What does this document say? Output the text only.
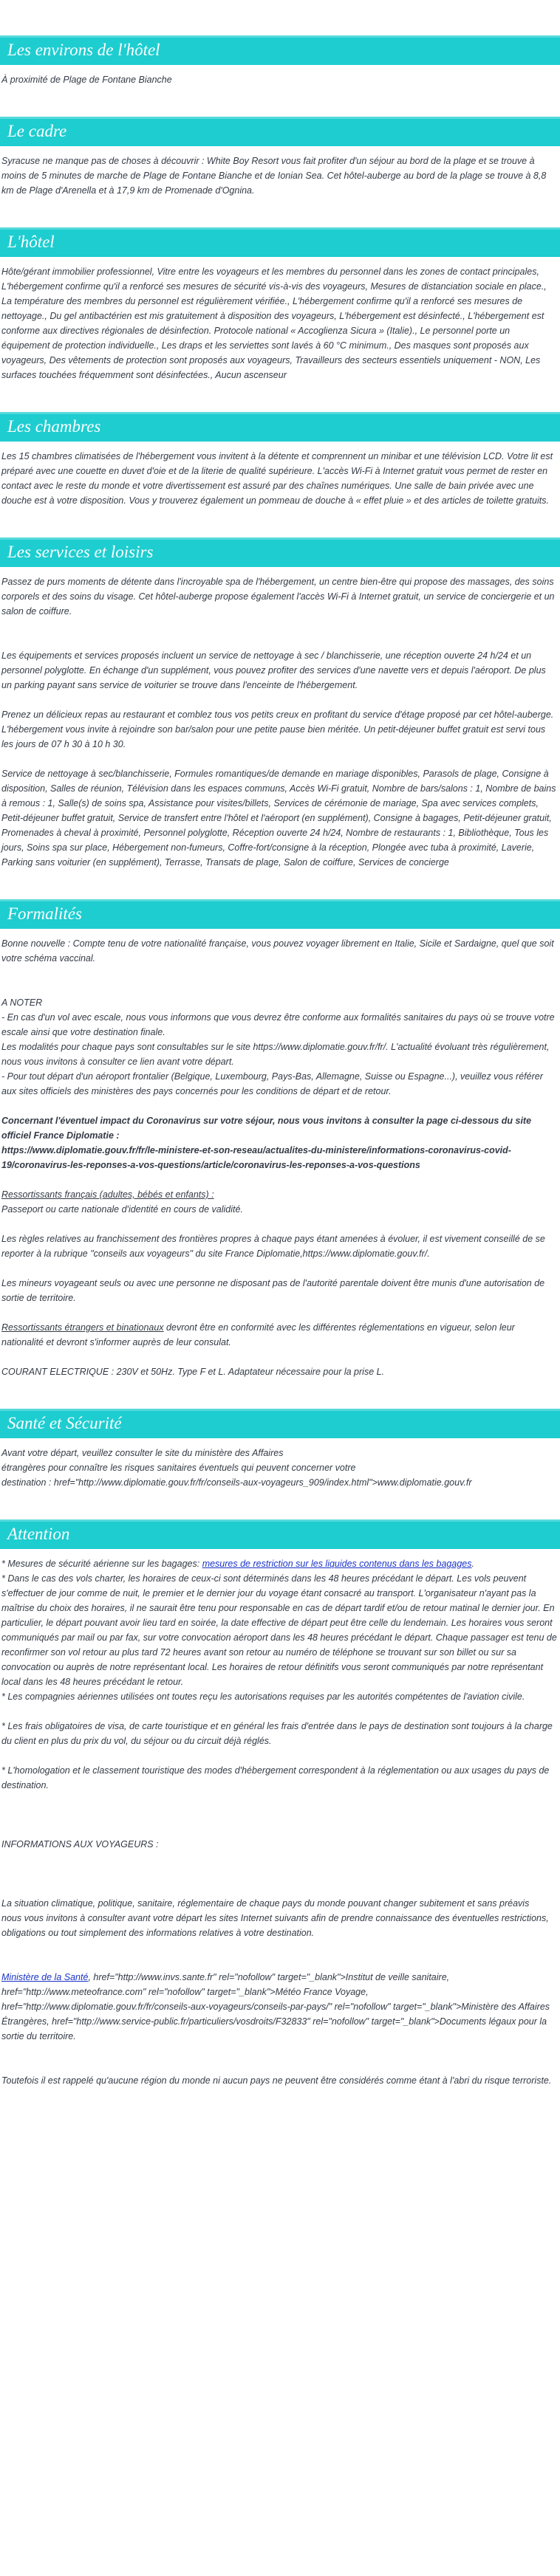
Les environs de l'hôtel

À proximité de Plage de Fontane Bianche

Le cadre

Syracuse ne manque pas de choses à découvrir : White Boy Resort vous fait profiter d'un séjour au bord de la plage et se trouve à moins de 5 minutes de marche de Plage de Fontane Bianche et de Ionian Sea. Cet hôtel-auberge au bord de la plage se trouve à 8,8 km de Plage d'Arenella et à 17,9 km de Promenade d'Ognina.

L'hôtel

Hôte/gérant immobilier professionnel, Vitre entre les voyageurs et les membres du personnel dans les zones de contact principales, L'hébergement confirme qu'il a renforcé ses mesures de sécurité vis-à-vis des voyageurs, Mesures de distanciation sociale en place., La température des membres du personnel est régulièrement vérifiée., L'hébergement confirme qu'il a renforcé ses mesures de nettoyage., Du gel antibactérien est mis gratuitement à disposition des voyageurs, L'hébergement est désinfecté., L'hébergement est conforme aux directives régionales de désinfection. Protocole national « Accoglienza Sicura » (Italie)., Le personnel porte un équipement de protection individuelle., Les draps et les serviettes sont lavés à 60 °C minimum., Des masques sont proposés aux voyageurs, Des vêtements de protection sont proposés aux voyageurs, Travailleurs des secteurs essentiels uniquement - NON, Les surfaces touchées fréquemment sont désinfectées., Aucun ascenseur

Les chambres

Les 15 chambres climatisées de l'hébergement vous invitent à la détente et comprennent un minibar et une télévision LCD. Votre lit est préparé avec une couette en duvet d'oie et de la literie de qualité supérieure. L'accès Wi-Fi à Internet gratuit vous permet de rester en contact avec le reste du monde et votre divertissement est assuré par des chaînes numériques. Une salle de bain privée avec une douche est à votre disposition. Vous y trouverez également un pommeau de douche à « effet pluie » et des articles de toilette gratuits.

Les services et loisirs

Passez de purs moments de détente dans l'incroyable spa de l'hébergement, un centre bien-être qui propose des massages, des soins corporels et des soins du visage. Cet hôtel-auberge propose également l'accès Wi-Fi à Internet gratuit, un service de conciergerie et un salon de coiffure.

Les équipements et services proposés incluent un service de nettoyage à sec / blanchisserie, une réception ouverte 24 h/24 et un personnel polyglotte. En échange d'un supplément, vous pouvez profiter des services d'une navette vers et depuis l'aéroport. De plus un parking payant sans service de voiturier se trouve dans l'enceinte de l'hébergement.

Prenez un délicieux repas au restaurant et comblez tous vos petits creux en profitant du service d'étage proposé par cet hôtel-auberge. L'hébergement vous invite à rejoindre son bar/salon pour une petite pause bien méritée. Un petit-déjeuner buffet gratuit est servi tous les jours de 07 h 30 à 10 h 30.

Service de nettoyage à sec/blanchisserie, Formules romantiques/de demande en mariage disponibles, Parasols de plage, Consigne à disposition, Salles de réunion, Télévision dans les espaces communs, Accès Wi-Fi gratuit, Nombre de bars/salons : 1, Nombre de bains à remous : 1, Salle(s) de soins spa, Assistance pour visites/billets, Services de cérémonie de mariage, Spa avec services complets, Petit-déjeuner buffet gratuit, Service de transfert entre l'hôtel et l'aéroport (en supplément), Consigne à bagages, Petit-déjeuner gratuit, Promenades à cheval à proximité, Personnel polyglotte, Réception ouverte 24 h/24, Nombre de restaurants : 1, Bibliothèque, Tous les jours, Soins spa sur place, Hébergement non-fumeurs, Coffre-fort/consigne à la réception, Plongée avec tuba à proximité, Laverie, Parking sans voiturier (en supplément), Terrasse, Transats de plage, Salon de coiffure, Services de concierge

Formalités

Bonne nouvelle : Compte tenu de votre nationalité française, vous pouvez voyager librement en Italie, Sicile et Sardaigne, quel que soit votre schéma vaccinal.

A NOTER

- En cas d'un vol avec escale, nous vous informons que vous devrez être conforme aux formalités sanitaires du pays où se trouve votre escale ainsi que votre destination finale.

Les modalités pour chaque pays sont consultables sur le site https://www.diplomatie.gouv.fr/fr/. L'actualité évoluant très régulièrement, nous vous invitons à consulter ce lien avant votre départ.

- Pour tout départ d'un aéroport frontalier (Belgique, Luxembourg, Pays-Bas, Allemagne, Suisse ou Espagne...), veuillez vous référer aux sites officiels des ministères des pays concernés pour les conditions de départ et de retour.

Concernant l'éventuel impact du Coronavirus sur votre séjour, nous vous invitons à consulter la page ci-dessous du site officiel France Diplomatie :

https://www.diplomatie.gouv.fr/fr/le-ministere-et-son-reseau/actualites-du-ministere/informations-coronavirus-covid-19/coronavirus-les-reponses-a-vos-questions/article/coronavirus-les-reponses-a-vos-questions

Ressortissants français (adultes, bébés et enfants) :

Passeport ou carte nationale d'identité en cours de validité.

Les règles relatives au franchissement des frontières propres à chaque pays étant amenées à évoluer, il est vivement conseillé de se reporter à la rubrique "conseils aux voyageurs" du site France Diplomatie,https://www.diplomatie.gouv.fr/.

Les mineurs voyageant seuls ou avec une personne ne disposant pas de l'autorité parentale doivent être munis d'une autorisation de sortie de territoire.

Ressortissants étrangers et binationaux devront être en conformité avec les différentes réglementations en vigueur, selon leur nationalité et devront s'informer auprès de leur consulat.

COURANT ELECTRIQUE : 230V et 50Hz. Type F et L. Adaptateur nécessaire pour la prise L.

Santé et Sécurité

Avant votre départ, veuillez consulter le site du ministère des Affaires

étrangères pour connaître les risques sanitaires éventuels qui peuvent concerner votre

destination : href="http://www.diplomatie.gouv.fr/fr/conseils-aux-voyageurs_909/index.html">www.diplomatie.gouv.fr

Attention

* Mesures de sécurité aérienne sur les bagages: mesures de restriction sur les liquides contenus dans les bagages.

* Dans le cas des vols charter, les horaires de ceux-ci sont déterminés dans les 48 heures précédant le départ. Les vols peuvent s'effectuer de jour comme de nuit, le premier et le dernier jour du voyage étant consacré au transport. L'organisateur n'ayant pas la maîtrise du choix des horaires, il ne saurait être tenu pour responsable en cas de départ tardif et/ou de retour matinal le dernier jour. En particulier, le départ pouvant avoir lieu tard en soirée, la date effective de départ peut être celle du lendemain. Les horaires vous seront communiqués par mail ou par fax, sur votre convocation aéroport dans les 48 heures précédant le départ. Chaque passager est tenu de reconfirmer son vol retour au plus tard 72 heures avant son retour au numéro de téléphone se trouvant sur son billet ou sur sa convocation ou auprès de notre représentant local. Les horaires de retour définitifs vous seront communiqués par notre représentant local dans les 48 heures précédant le retour.

* Les compagnies aériennes utilisées ont toutes reçu les autorisations requises par les autorités compétentes de l'aviation civile.

* Les frais obligatoires de visa, de carte touristique et en général les frais d'entrée dans le pays de destination sont toujours à la charge du client en plus du prix du vol, du séjour ou du circuit déjà réglés.

* L'homologation et le classement touristique des modes d'hébergement correspondent à la réglementation ou aux usages du pays de destination.

INFORMATIONS AUX VOYAGEURS :

La situation climatique, politique, sanitaire, réglementaire de chaque pays du monde pouvant changer subitement et sans préavis

nous vous invitons à consulter avant votre départ les sites Internet suivants afin de prendre connaissance des éventuelles restrictions, obligations ou tout simplement des informations relatives à votre destination.

Ministère de la Santé, href="http://www.invs.sante.fr" rel="nofollow" target="_blank">Institut de veille sanitaire, href="http://www.meteofrance.com" rel="nofollow" target="_blank">Météo France Voyage, href="http://www.diplomatie.gouv.fr/fr/conseils-aux-voyageurs/conseils-par-pays/" rel="nofollow" target="_blank">Ministère des Affaires Étrangères, href="http://www.service-public.fr/particuliers/vosdroits/F32833" rel="nofollow" target="_blank">Documents légaux pour la sortie du territoire.

Toutefois il est rappelé qu'aucune région du monde ni aucun pays ne peuvent être considérés comme étant à l'abri du risque terroriste.
